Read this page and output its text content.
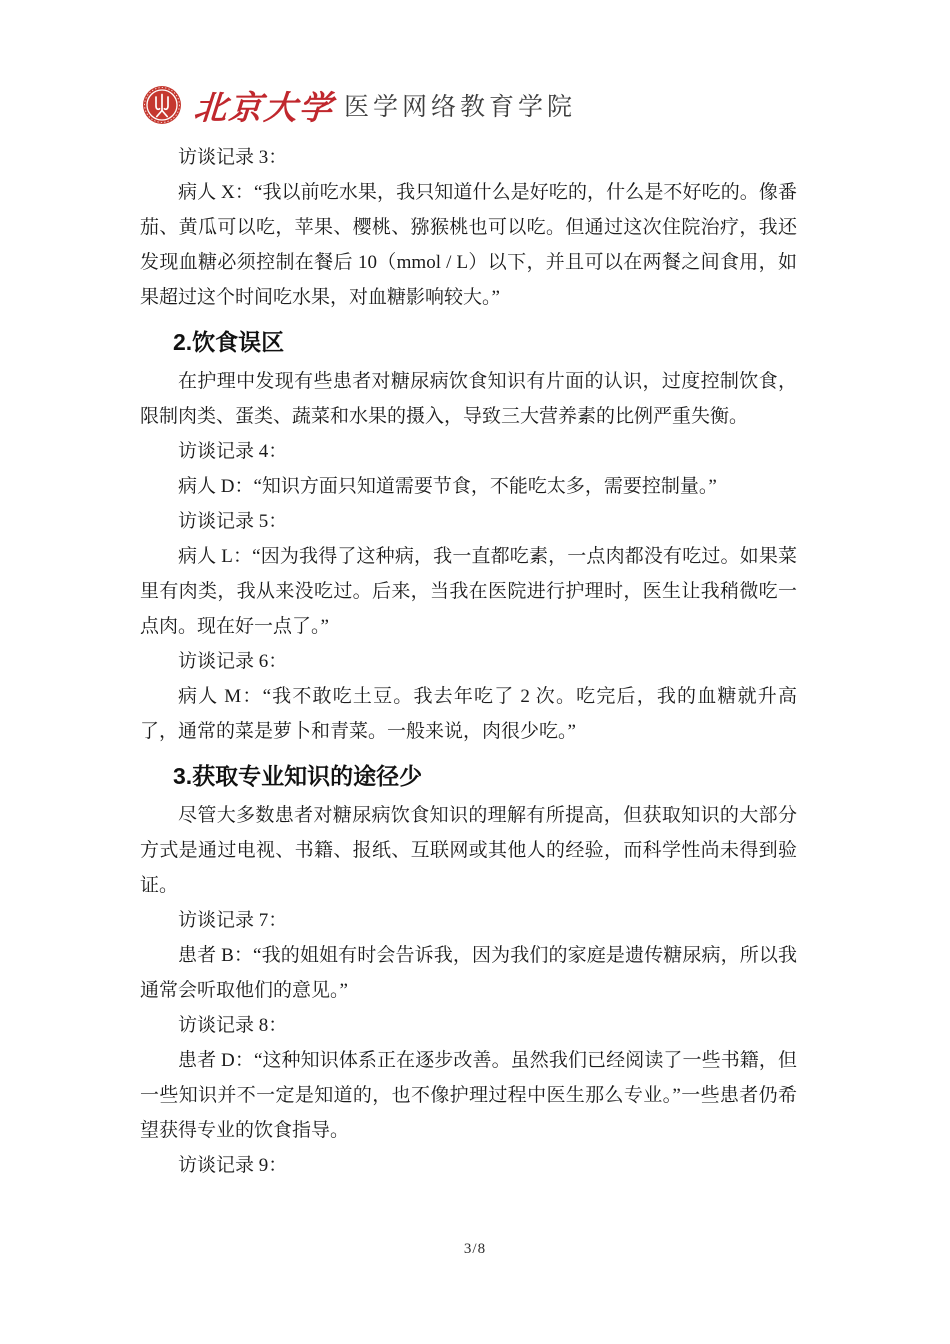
北京大学 医学网络教育学院

访谈记录 3：

病人 X：“我以前吃水果，我只知道什么是好吃的，什么是不好吃的。像番茄、黄瓜可以吃，苹果、樱桃、猕猴桃也可以吃。但通过这次住院治疗，我还发现血糖必须控制在餐后 10（mmol / L）以下，并且可以在两餐之间食用，如果超过这个时间吃水果，对血糖影响较大。”

2.饮食误区

在护理中发现有些患者对糖尿病饮食知识有片面的认识，过度控制饮食，限制肉类、蛋类、蔬菜和水果的摄入，导致三大营养素的比例严重失衡。

访谈记录 4：

病人 D：“知识方面只知道需要节食，不能吃太多，需要控制量。”

访谈记录 5：

病人 L：“因为我得了这种病，我一直都吃素，一点肉都没有吃过。如果菜里有肉类，我从来没吃过。后来，当我在医院进行护理时，医生让我稍微吃一点肉。现在好一点了。”

访谈记录 6：

病人 M：“我不敢吃土豆。我去年吃了 2 次。吃完后，我的血糖就升高了，通常的菜是萝卜和青菜。一般来说，肉很少吃。”

3.获取专业知识的途径少

尽管大多数患者对糖尿病饮食知识的理解有所提高，但获取知识的大部分方式是通过电视、书籍、报纸、互联网或其他人的经验，而科学性尚未得到验证。

访谈记录 7：

患者 B：“我的姐姐有时会告诉我，因为我们的家庭是遗传糖尿病，所以我通常会听取他们的意见。”

访谈记录 8：

患者 D：“这种知识体系正在逐步改善。虽然我们已经阅读了一些书籍，但一些知识并不一定是知道的，也不像护理过程中医生那么专业。”一些患者仍希望获得专业的饮食指导。

访谈记录 9：

3/8
